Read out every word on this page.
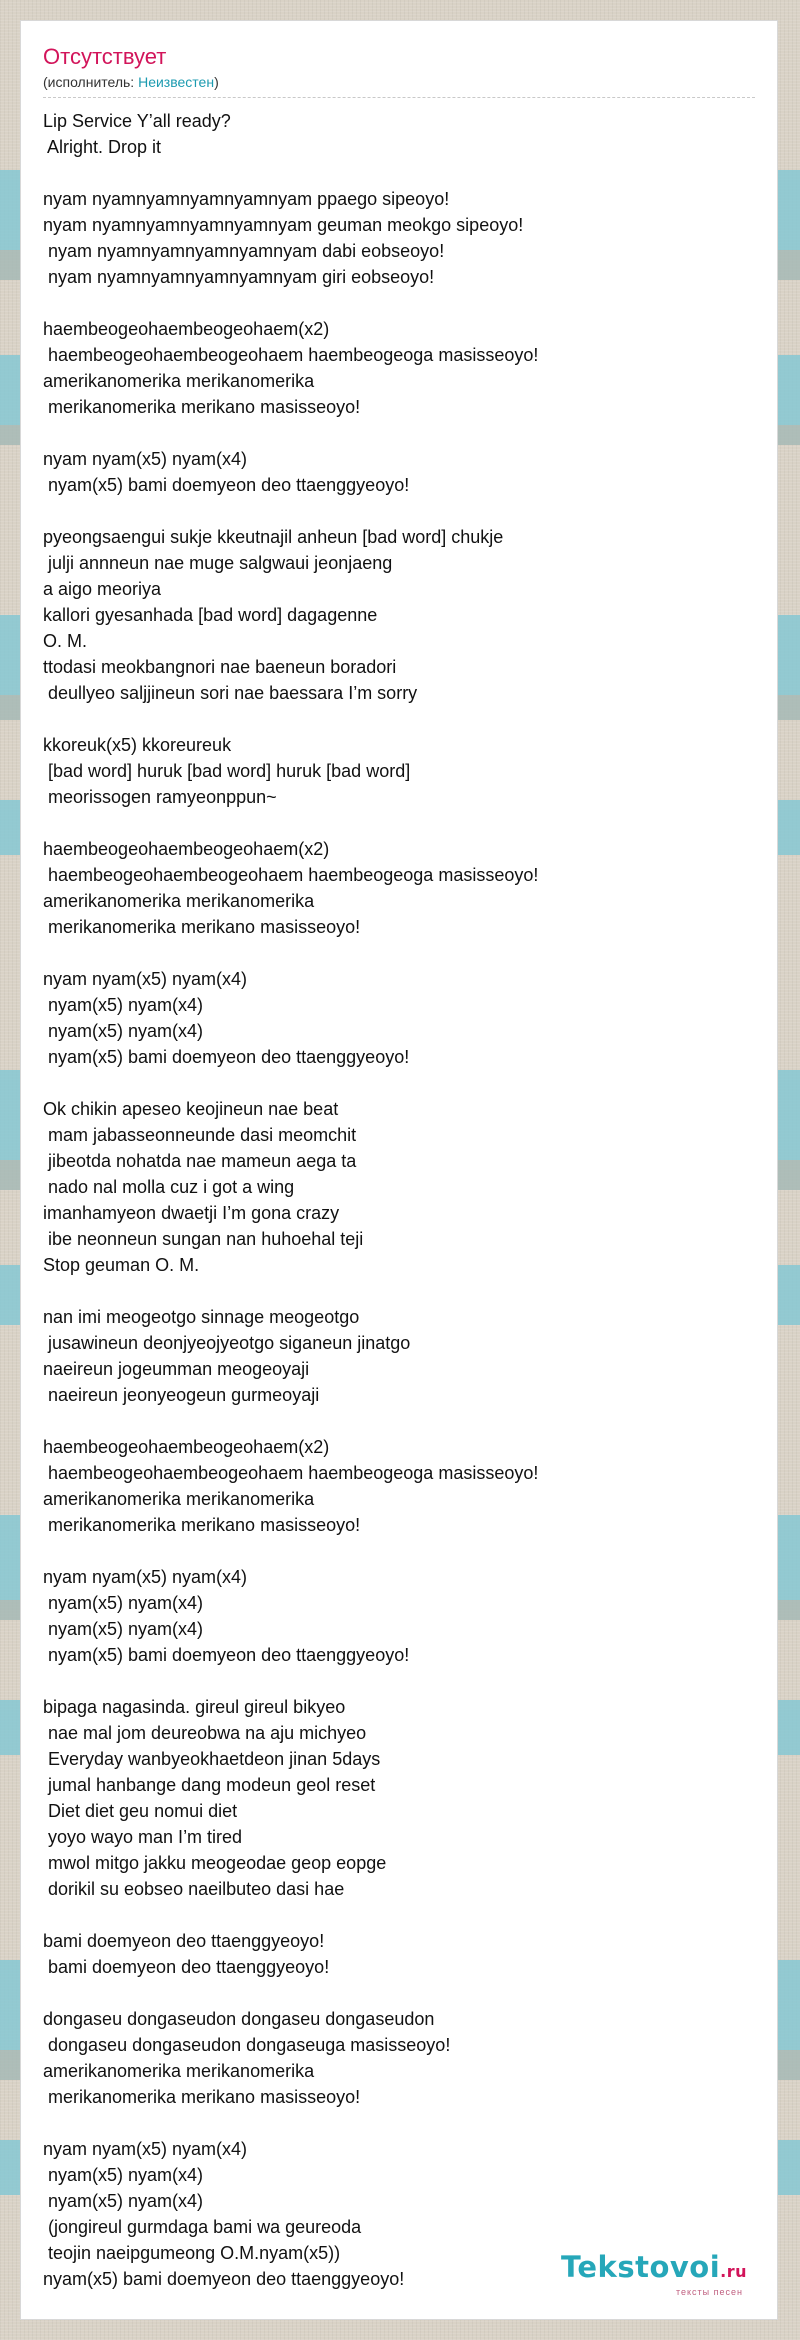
Отсутствует
(исполнитель: Неизвестен)
Lip Service Y’all ready?
Alright. Drop it
nyam nyamnyamnyamnyamnyam ppaego sipeoyo!
nyam nyamnyamnyamnyamnyam geuman meokgo sipeoyo!
nyam nyamnyamnyamnyamnyam dabi eobseoyo!
nyam nyamnyamnyamnyamnyam giri eobseoyo!
haembeogeohaembeogeohaem(x2)
haembeogeohaembeogeohaem haembeogeoga masisseoyo!
amerikanomerika merikanomerika
merikanomerika merikano masisseoyo!
nyam nyam(x5) nyam(x4)
nyam(x5) bami doemyeon deo ttaenggyeoyo!
pyeongsaengui sukje kkeutnajil anheun [bad word] chukje
julji annneun nae muge salgwaui jeonjaeng
a aigo meoriya
kallori gyesanhada [bad word] dagagenne
O. M.
ttodasi meokbangnori nae baeneun boradori
deullyeo saljjineun sori nae baessara I’m sorry
kkoreuk(x5) kkoreureuk
[bad word] huruk [bad word] huruk [bad word]
meorissogen ramyeonppun~
haembeogeohaembeogeohaem(x2)
haembeogeohaembeogeohaem haembeogeoga masisseoyo!
amerikanomerika merikanomerika
merikanomerika merikano masisseoyo!
nyam nyam(x5) nyam(x4)
nyam(x5) nyam(x4)
nyam(x5) nyam(x4)
nyam(x5) bami doemyeon deo ttaenggyeoyo!
Ok chikin apeseo keojineun nae beat
mam jabasseonneunde dasi meomchit
jibeotda nohatda nae mameun aega ta
nado nal molla cuz i got a wing
imanhamyeon dwaetji I’m gona crazy
ibe neonneun sungan nan huhoehal teji
Stop geuman O. M.
nan imi meogeotgo sinnage meogeotgo
jusawineun deonjyeojyeotgo siganeun jinatgo
naeireun jogeumman meogeoyaji
naeireun jeonyeogeun gurmeoyaji
haembeogeohaembeogeohaem(x2)
haembeogeohaembeogeohaem haembeogeoga masisseoyo!
amerikanomerika merikanomerika
merikanomerika merikano masisseoyo!
nyam nyam(x5) nyam(x4)
nyam(x5) nyam(x4)
nyam(x5) nyam(x4)
nyam(x5) bami doemyeon deo ttaenggyeoyo!
bipaga nagasinda. gireul gireul bikyeo
nae mal jom deureobwa na aju michyeo
Everyday wanbyeokhaetdeon jinan 5days
jumal hanbange dang modeun geol reset
Diet diet geu nomui diet
yoyo wayo man I’m tired
mwol mitgo jakku meogeodae geop eopge
dorikil su eobseo naeilbuteo dasi hae
bami doemyeon deo ttaenggyeoyo!
bami doemyeon deo ttaenggyeoyo!
dongaseu dongaseudon dongaseu dongaseudon
dongaseu dongaseudon dongaseuga masisseoyo!
amerikanomerika merikanomerika
merikanomerika merikano masisseoyo!
nyam nyam(x5) nyam(x4)
nyam(x5) nyam(x4)
nyam(x5) nyam(x4)
(jongireul gurmdaga bami wa geureoda
teojin naeipgumeong O.M.nyam(x5))
nyam(x5) bami doemyeon deo ttaenggyeoyo!	Tekstovoi.ru
тексты песен
